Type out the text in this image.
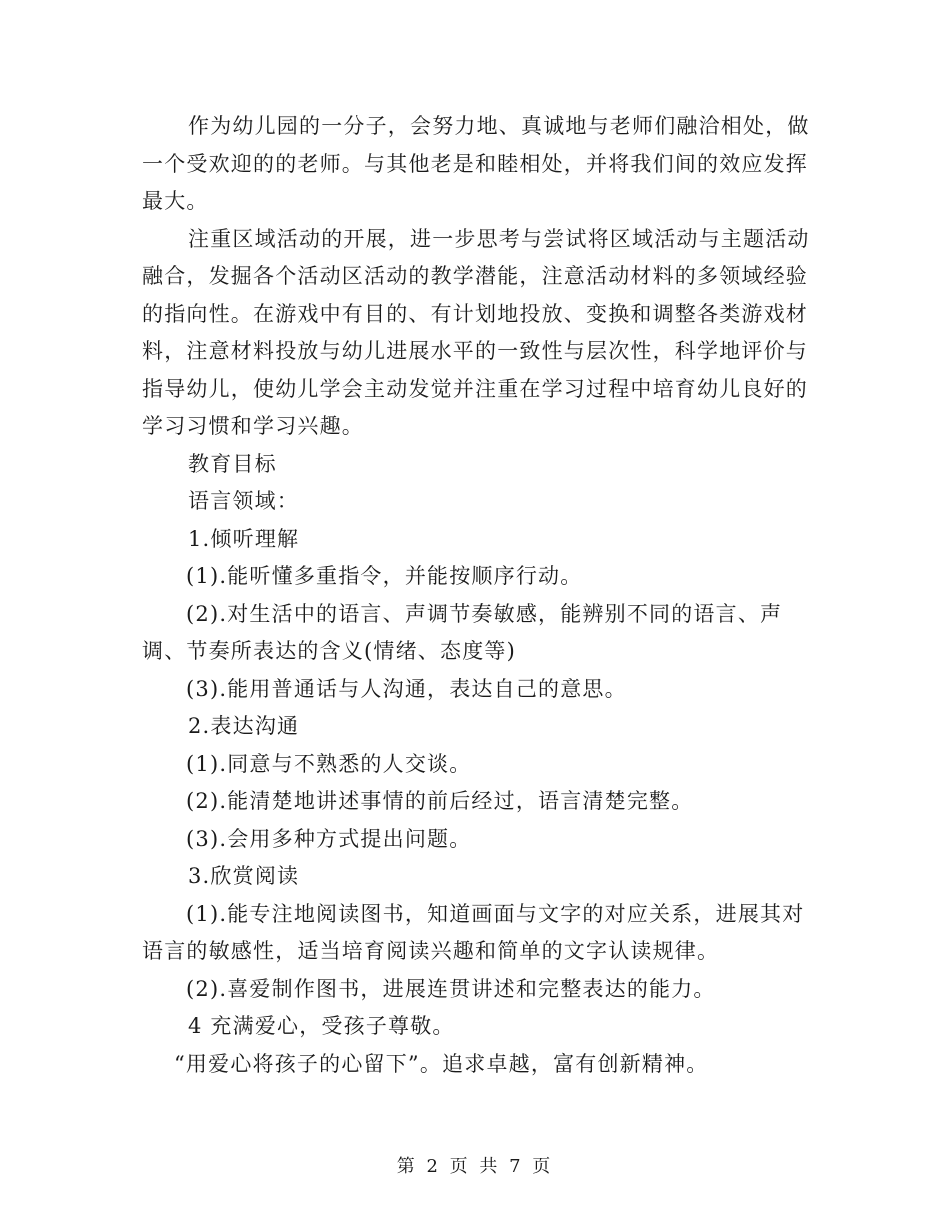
作为幼儿园的一分子，会努力地、真诚地与老师们融洽相处，做一个受欢迎的的老师。与其他老是和睦相处，并将我们间的效应发挥最大。

注重区域活动的开展，进一步思考与尝试将区域活动与主题活动融合，发掘各个活动区活动的教学潜能，注意活动材料的多领域经验的指向性。在游戏中有目的、有计划地投放、变换和调整各类游戏材料，注意材料投放与幼儿进展水平的一致性与层次性，科学地评价与指导幼儿，使幼儿学会主动发觉并注重在学习过程中培育幼儿良好的学习习惯和学习兴趣。

教育目标

语言领域：

1.倾听理解

(1).能听懂多重指令，并能按顺序行动。

(2).对生活中的语言、声调节奏敏感，能辨别不同的语言、声调、节奏所表达的含义(情绪、态度等)

(3).能用普通话与人沟通，表达自己的意思。

2.表达沟通

(1).同意与不熟悉的人交谈。

(2).能清楚地讲述事情的前后经过，语言清楚完整。

(3).会用多种方式提出问题。

3.欣赏阅读

(1).能专注地阅读图书，知道画面与文字的对应关系，进展其对语言的敏感性，适当培育阅读兴趣和简单的文字认读规律。

(2).喜爱制作图书，进展连贯讲述和完整表达的能力。

4 充满爱心，受孩子尊敬。

“用爱心将孩子的心留下”。追求卓越，富有创新精神。

第 2 页 共 7 页
